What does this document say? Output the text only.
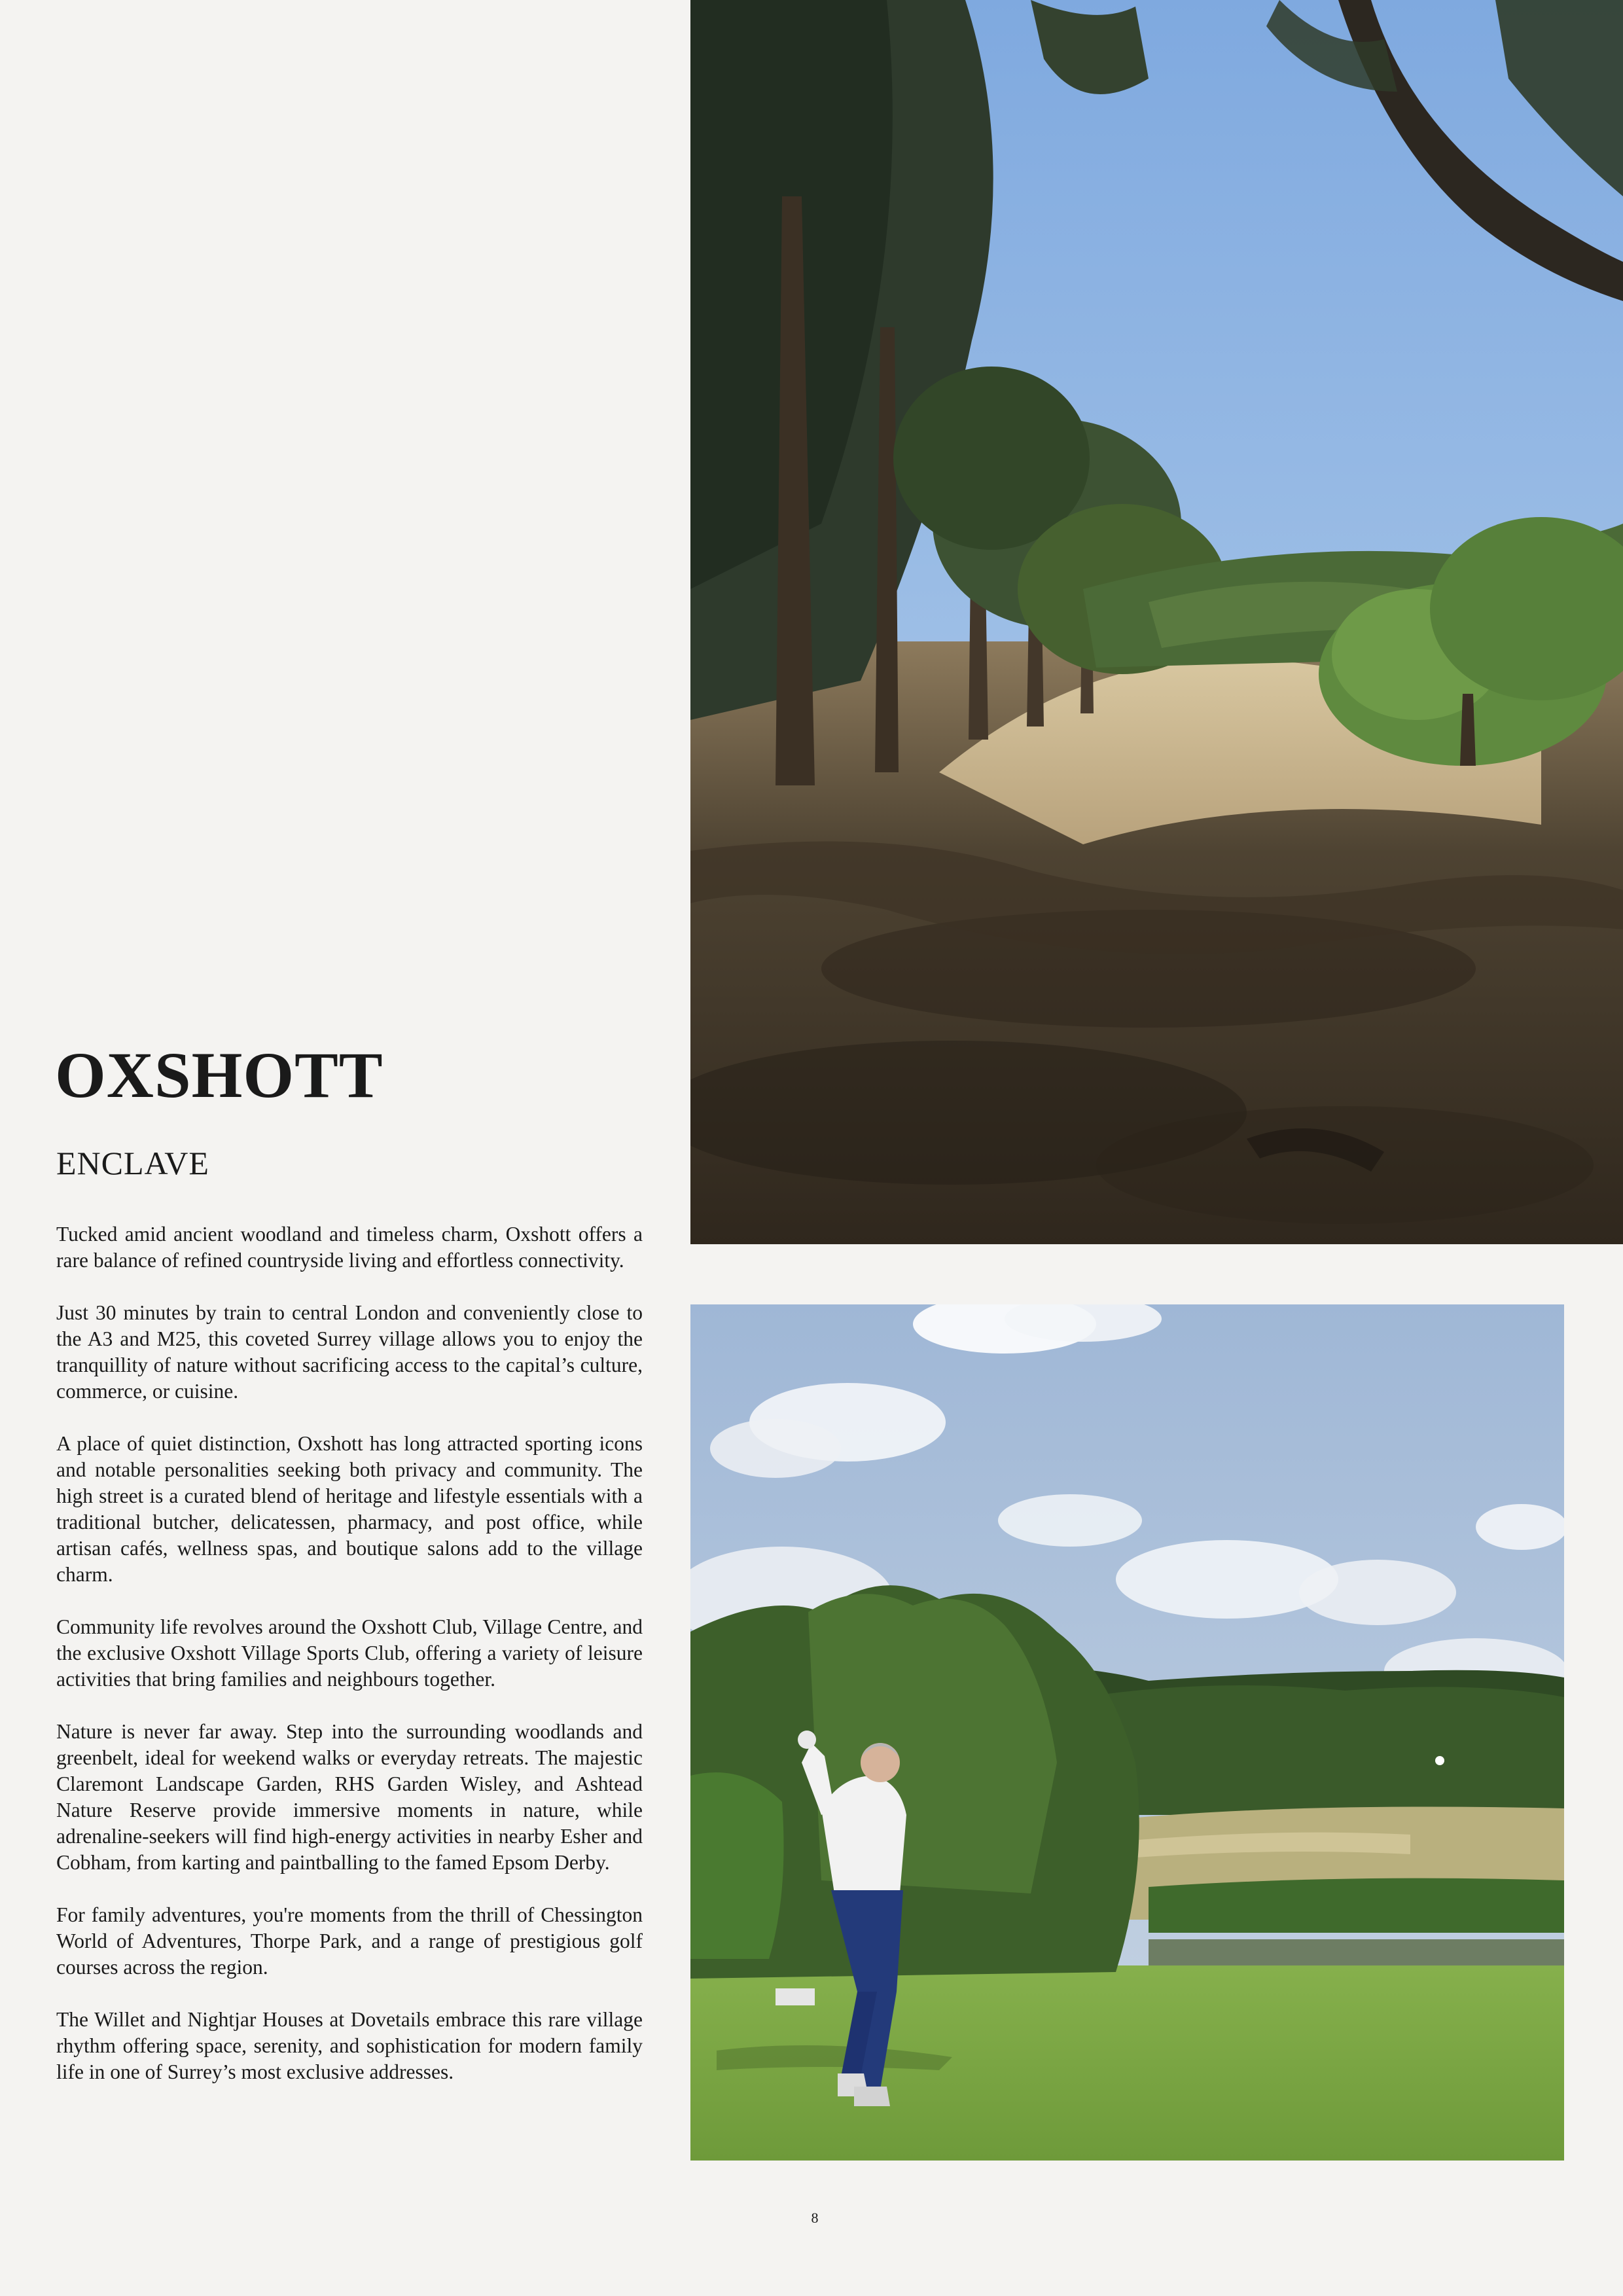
OXSHOTT
ENCLAVE

Tucked amid ancient woodland and timeless charm, Oxshott offers a rare balance of refined countryside living and effortless connectivity.

Just 30 minutes by train to central London and conveniently close to the A3 and M25, this coveted Surrey village allows you to enjoy the tranquillity of nature without sacrificing access to the capital’s culture, commerce, or cuisine.

A place of quiet distinction, Oxshott has long attracted sporting icons and notable personalities seeking both privacy and community. The high street is a curated blend of heritage and lifestyle essentials with a traditional butcher, delicatessen, pharmacy, and post office, while artisan cafés, wellness spas, and boutique salons add to the village charm.

Community life revolves around the Oxshott Club, Village Centre, and the exclusive Oxshott Village Sports Club, offering a variety of leisure activities that bring families and neighbours together.

Nature is never far away. Step into the surrounding woodlands and greenbelt, ideal for weekend walks or everyday retreats. The majestic Claremont Landscape Garden, RHS Garden Wisley, and Ashtead Nature Reserve provide immersive moments in nature, while adrenaline-seekers will find high-energy activities in nearby Esher and Cobham, from karting and paintballing to the famed Epsom Derby.

For family adventures, you're moments from the thrill of Chessington World of Adventures, Thorpe Park, and a range of prestigious golf courses across the region.

The Willet and Nightjar Houses at Dovetails embrace this rare village rhythm offering space, serenity, and sophistication for modern family life in one of Surrey’s most exclusive addresses.

8
